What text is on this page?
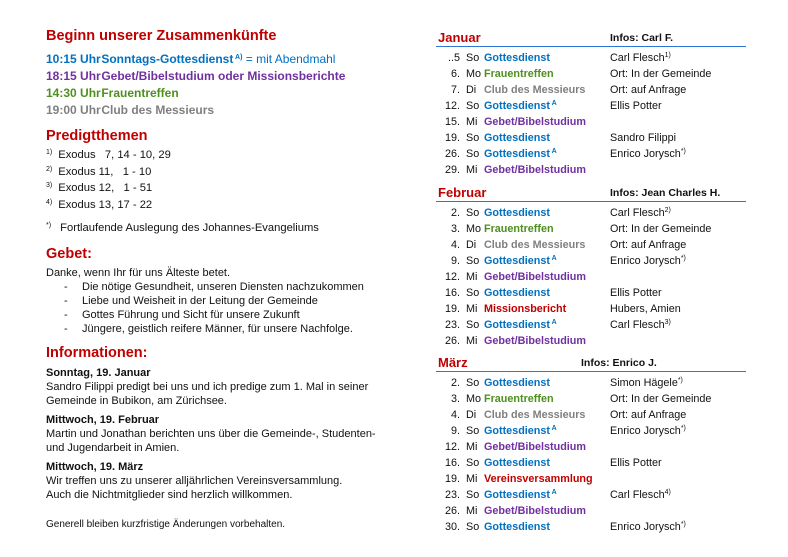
Beginn unserer Zusammenkünfte
10:15 Uhr Sonntags-Gottesdienst $^{A)}$ = mit Abendmahl
18:15 Uhr Gebet/Bibelstudium oder Missionsberichte
14:30 Uhr Frauentreffen
19:00 Uhr Club des Messieurs
Predigtthemen
$^{1)}$ Exodus   7, 14 - 10, 29
$^{2)}$ Exodus 11,   1 - 10
$^{3)}$ Exodus 12,   1 - 51
$^{4)}$ Exodus 13, 17 - 22
*) Fortlaufende Auslegung des Johannes-Evangeliums
Gebet:
Danke, wenn Ihr für uns Älteste betet.
- Die nötige Gesundheit, unseren Diensten nachzukommen
- Liebe und Weisheit in der Leitung der Gemeinde
- Gottes Führung und Sicht für unsere Zukunft
- Jüngere, geistlich reifere Männer, für unsere Nachfolge.
Informationen:
Sonntag, 19. Januar
Sandro Filippi predigt bei uns und ich predige zum 1. Mal in seiner
Gemeinde in Bubikon, am Zürichsee.
Mittwoch, 19. Februar
Martin und Jonathan berichten uns über die Gemeinde-, Studenten-
und Jugendarbeit in Amien.
Mittwoch, 19. März
Wir treffen uns zu unserer alljährlichen Vereinsversammlung.
Auch die Nichtmitglieder sind herzlich willkommen.
Generell bleiben kurzfristige Änderungen vorbehalten.
Januar	Infos: Carl F.
..5 So Gottesdienst	Carl Flesch$^{1)}$
6. Mo Frauentreffen	Ort: In der Gemeinde
7. Di Club des Messieurs Ort: auf Anfrage
12. So Gottesdienst $^A$	Ellis Potter
15. Mi Gebet/Bibelstudium
19. So Gottesdienst	Sandro Filippi
26. So Gottesdienst $^A$	Enrico Jorysch*)
29. Mi Gebet/Bibelstudium
Februar	Infos: Jean Charles H.
2. So Gottesdienst	Carl Flesch$^{2)}$
3. Mo Frauentreffen	Ort: In der Gemeinde
4. Di Club des Messieurs Ort: auf Anfrage
9. So Gottesdienst $^A$	Enrico Jorysch*)
12. Mi Gebet/Bibelstudium
16. So Gottesdienst	Ellis Potter
19. Mi Missionsbericht	Hubers, Amien
23. So Gottesdienst $^A$	Carl Flesch$^{3)}$
26. Mi Gebet/Bibelstudium
März	Infos: Enrico J.
2. So Gottesdienst	Simon Hägele*)
3. Mo Frauentreffen	Ort: In der Gemeinde
4. Di Club des Messieurs Ort: auf Anfrage
9. So Gottesdienst $^A$	Enrico Jorysch*)
12. Mi Gebet/Bibelstudium
16. So Gottesdienst	Ellis Potter
19. Mi Vereinsversammlung
23. So Gottesdienst $^A$	Carl Flesch$^{4)}$
26. Mi Gebet/Bibelstudium
30. So Gottesdienst	Enrico Jorysch*)
